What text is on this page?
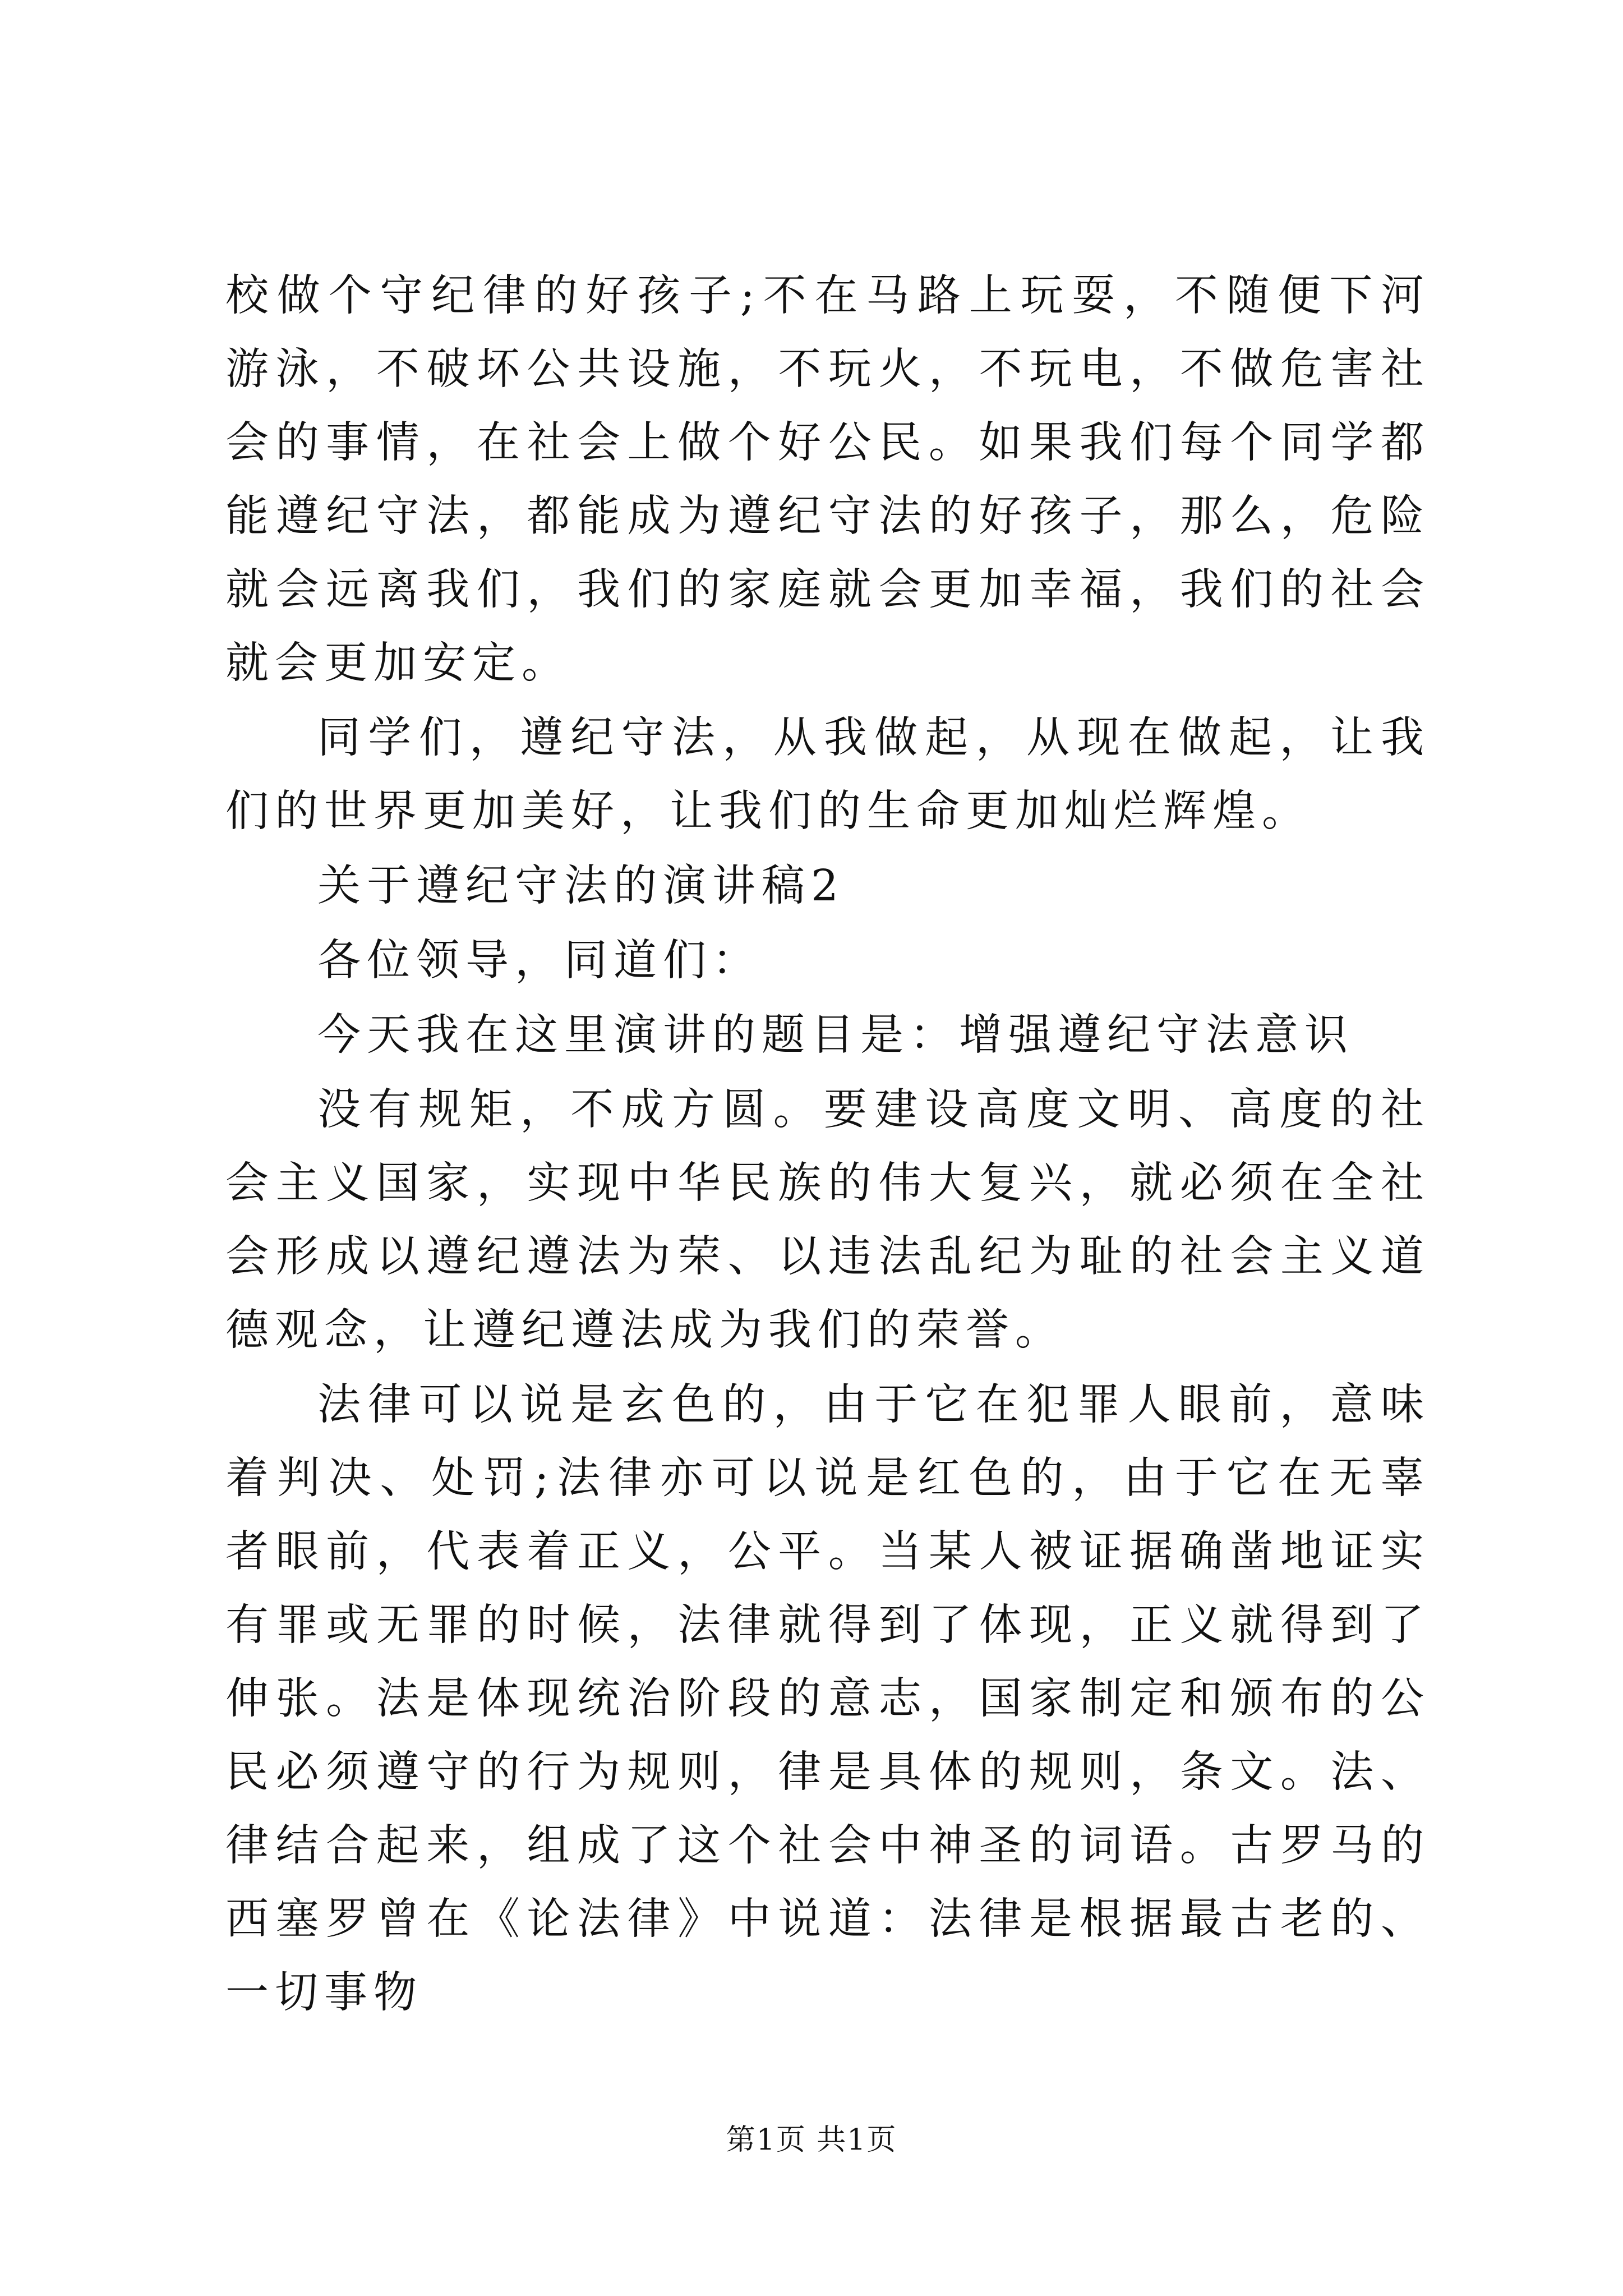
校做个守纪律的好孩子;不在马路上玩耍，不随便下河游泳，不破坏公共设施，不玩火，不玩电，不做危害社会的事情，在社会上做个好公民。如果我们每个同学都能遵纪守法，都能成为遵纪守法的好孩子，那么，危险就会远离我们，我们的家庭就会更加幸福，我们的社会就会更加安定。

同学们，遵纪守法，从我做起，从现在做起，让我们的世界更加美好，让我们的生命更加灿烂辉煌。

关于遵纪守法的演讲稿2

各位领导，同道们：

今天我在这里演讲的题目是：增强遵纪守法意识

没有规矩，不成方圆。要建设高度文明、高度的社会主义国家，实现中华民族的伟大复兴，就必须在全社会形成以遵纪遵法为荣、以违法乱纪为耻的社会主义道德观念，让遵纪遵法成为我们的荣誉。

法律可以说是玄色的，由于它在犯罪人眼前，意味着判决、处罚;法律亦可以说是红色的，由于它在无辜者眼前，代表着正义，公平。当某人被证据确凿地证实有罪或无罪的时候，法律就得到了体现，正义就得到了伸张。法是体现统治阶段的意志，国家制定和颁布的公民必须遵守的行为规则，律是具体的规则，条文。法、律结合起来，组成了这个社会中神圣的词语。古罗马的西塞罗曾在《论法律》中说道：法律是根据最古老的、一切事物

第1页 共1页
